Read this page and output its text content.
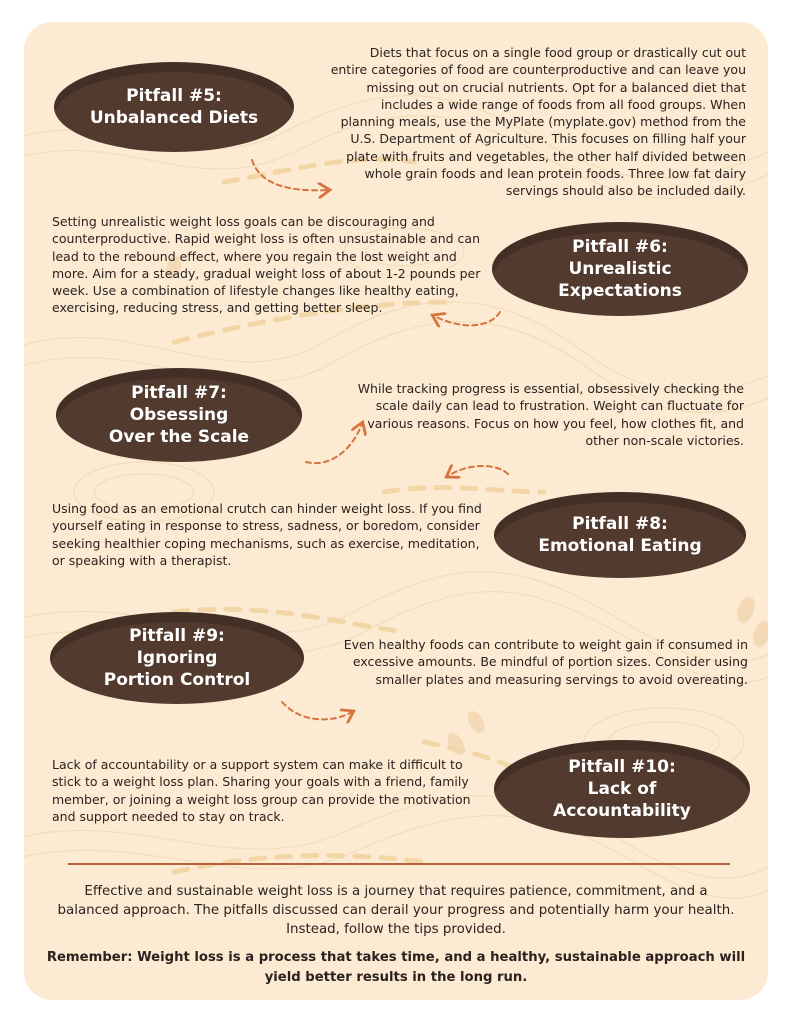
Pitfall #5:
Unbalanced Diets
Diets that focus on a single food group or drastically cut out entire categories of food are counterproductive and can leave you missing out on crucial nutrients. Opt for a balanced diet that includes a wide range of foods from all food groups. When planning meals, use the MyPlate (myplate.gov) method from the U.S. Department of Agriculture. This focuses on filling half your plate with fruits and vegetables, the other half divided between whole grain foods and lean protein foods. Three low fat dairy servings should also be included daily.
Setting unrealistic weight loss goals can be discouraging and counterproductive. Rapid weight loss is often unsustainable and can lead to the rebound effect, where you regain the lost weight and more. Aim for a steady, gradual weight loss of about 1-2 pounds per week. Use a combination of lifestyle changes like healthy eating, exercising, reducing stress, and getting better sleep.
Pitfall #6:
Unrealistic
Expectations
Pitfall #7:
Obsessing
Over the Scale
While tracking progress is essential, obsessively checking the scale daily can lead to frustration. Weight can fluctuate for various reasons. Focus on how you feel, how clothes fit, and other non-scale victories.
Using food as an emotional crutch can hinder weight loss. If you find yourself eating in response to stress, sadness, or boredom, consider seeking healthier coping mechanisms, such as exercise, meditation, or speaking with a therapist.
Pitfall #8:
Emotional Eating
Pitfall #9:
Ignoring
Portion Control
Even healthy foods can contribute to weight gain if consumed in excessive amounts. Be mindful of portion sizes. Consider using smaller plates and measuring servings to avoid overeating.
Lack of accountability or a support system can make it difficult to stick to a weight loss plan. Sharing your goals with a friend, family member, or joining a weight loss group can provide the motivation and support needed to stay on track.
Pitfall #10:
Lack of
Accountability

Effective and sustainable weight loss is a journey that requires patience, commitment, and a balanced approach. The pitfalls discussed can derail your progress and potentially harm your health. Instead, follow the tips provided.

Remember: Weight loss is a process that takes time, and a healthy, sustainable approach will yield better results in the long run.
